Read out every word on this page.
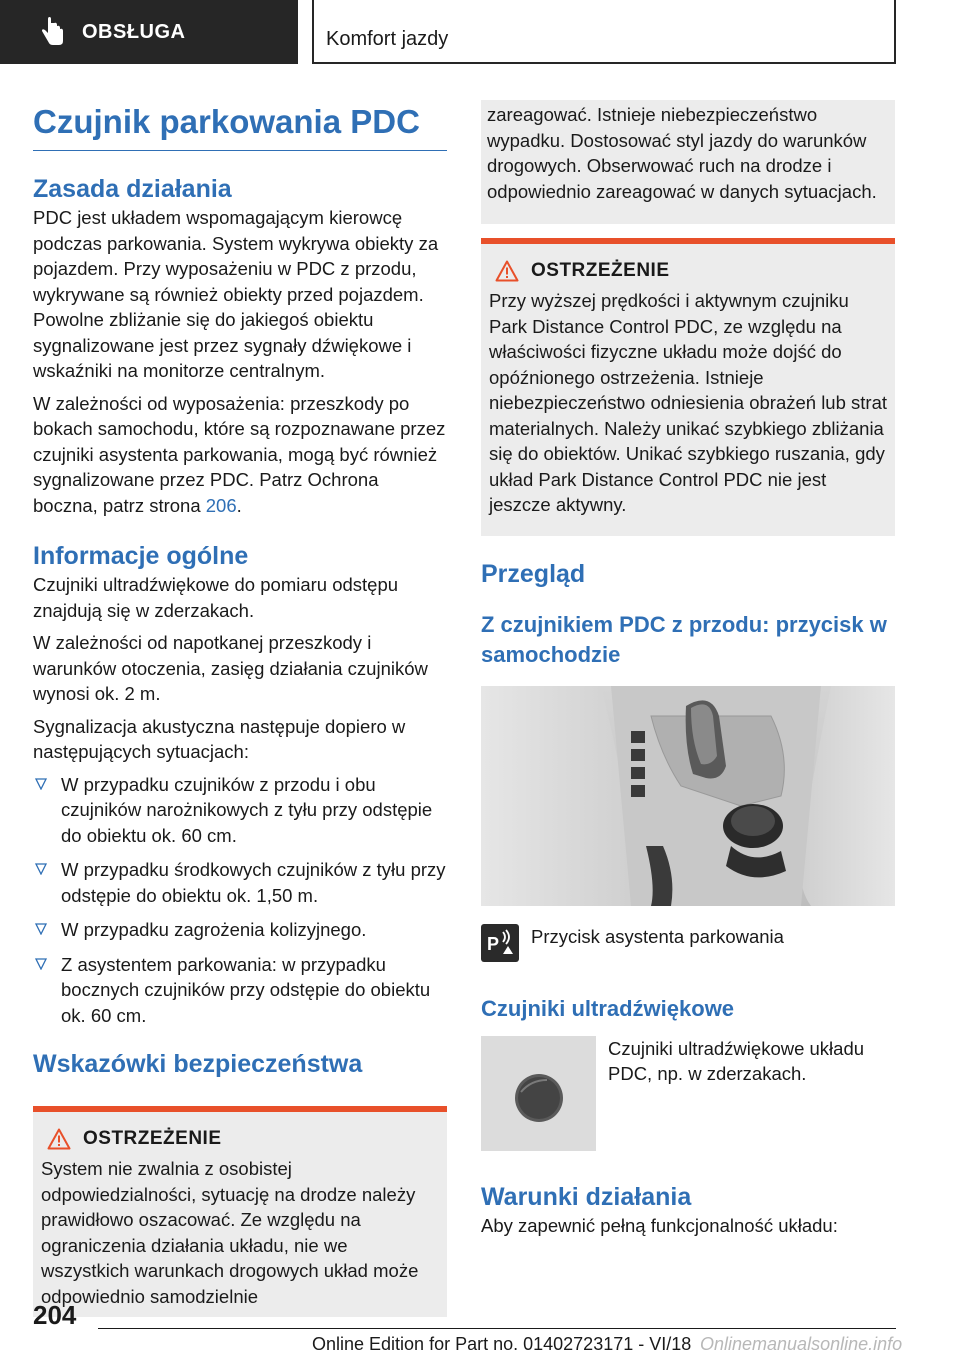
OBSŁUGA	Komfort jazdy
Czujnik parkowania PDC
Zasada działania

PDC jest układem wspomagającym kierowcę podczas parkowania. System wykrywa obiekty za pojazdem. Przy wyposażeniu w PDC z przodu, wykrywane są również obiekty przed pojazdem. Powolne zbliżanie się do jakiegoś obiektu sygnalizowane jest przez sygnały dźwiękowe i wskaźniki na monitorze centralnym.

W zależności od wyposażenia: przeszkody po bokach samochodu, które są rozpoznawane przez czujniki asystenta parkowania, mogą być również sygnalizowane przez PDC. Patrz Ochrona boczna, patrz strona 206.

Informacje ogólne

Czujniki ultradźwiękowe do pomiaru odstępu znajdują się w zderzakach.

W zależności od napotkanej przeszkody i warunków otoczenia, zasięg działania czujników wynosi ok. 2 m.

Sygnalizacja akustyczna następuje dopiero w następujących sytuacjach:

W przypadku czujników z przodu i obu czujników narożnikowych z tyłu przy odstępie do obiektu ok. 60 cm.
W przypadku środkowych czujników z tyłu przy odstępie do obiektu ok. 1,50 m.
W przypadku zagrożenia kolizyjnego.
Z asystentem parkowania: w przypadku bocznych czujników przy odstępie do obiektu ok. 60 cm.
Wskazówki bezpieczeństwa
OSTRZEŻENIE

System nie zwalnia z osobistej odpowiedzialności, sytuację na drodze należy prawidłowo oszacować. Ze względu na ograniczenia działania układu, nie we wszystkich warunkach drogowych układ może odpowiednio samodzielnie

zareagować. Istnieje niebezpieczeństwo wypadku. Dostosować styl jazdy do warunków drogowych. Obserwować ruch na drodze i odpowiednio zareagować w danych sytuacjach.

OSTRZEŻENIE

Przy wyższej prędkości i aktywnym czujniku Park Distance Control PDC, ze względu na właściwości fizyczne układu może dojść do opóźnionego ostrzeżenia. Istnieje niebezpieczeństwo odniesienia obrażeń lub strat materialnych. Należy unikać szybkiego zbliżania się do obiektów. Unikać szybkiego ruszania, gdy układ Park Distance Control PDC nie jest jeszcze aktywny.

Przegląd
Z czujnikiem PDC z przodu: przycisk w samochodzie
P Przycisk asystenta parkowania
Czujniki ultradźwiękowe

Czujniki ultradźwiękowe układu PDC, np. w zderzakach.

Warunki działania

Aby zapewnić pełną funkcjonalność układu:

204
Online Edition for Part no. 01402723171 - VI/18 Onlinemanualsonline.info
